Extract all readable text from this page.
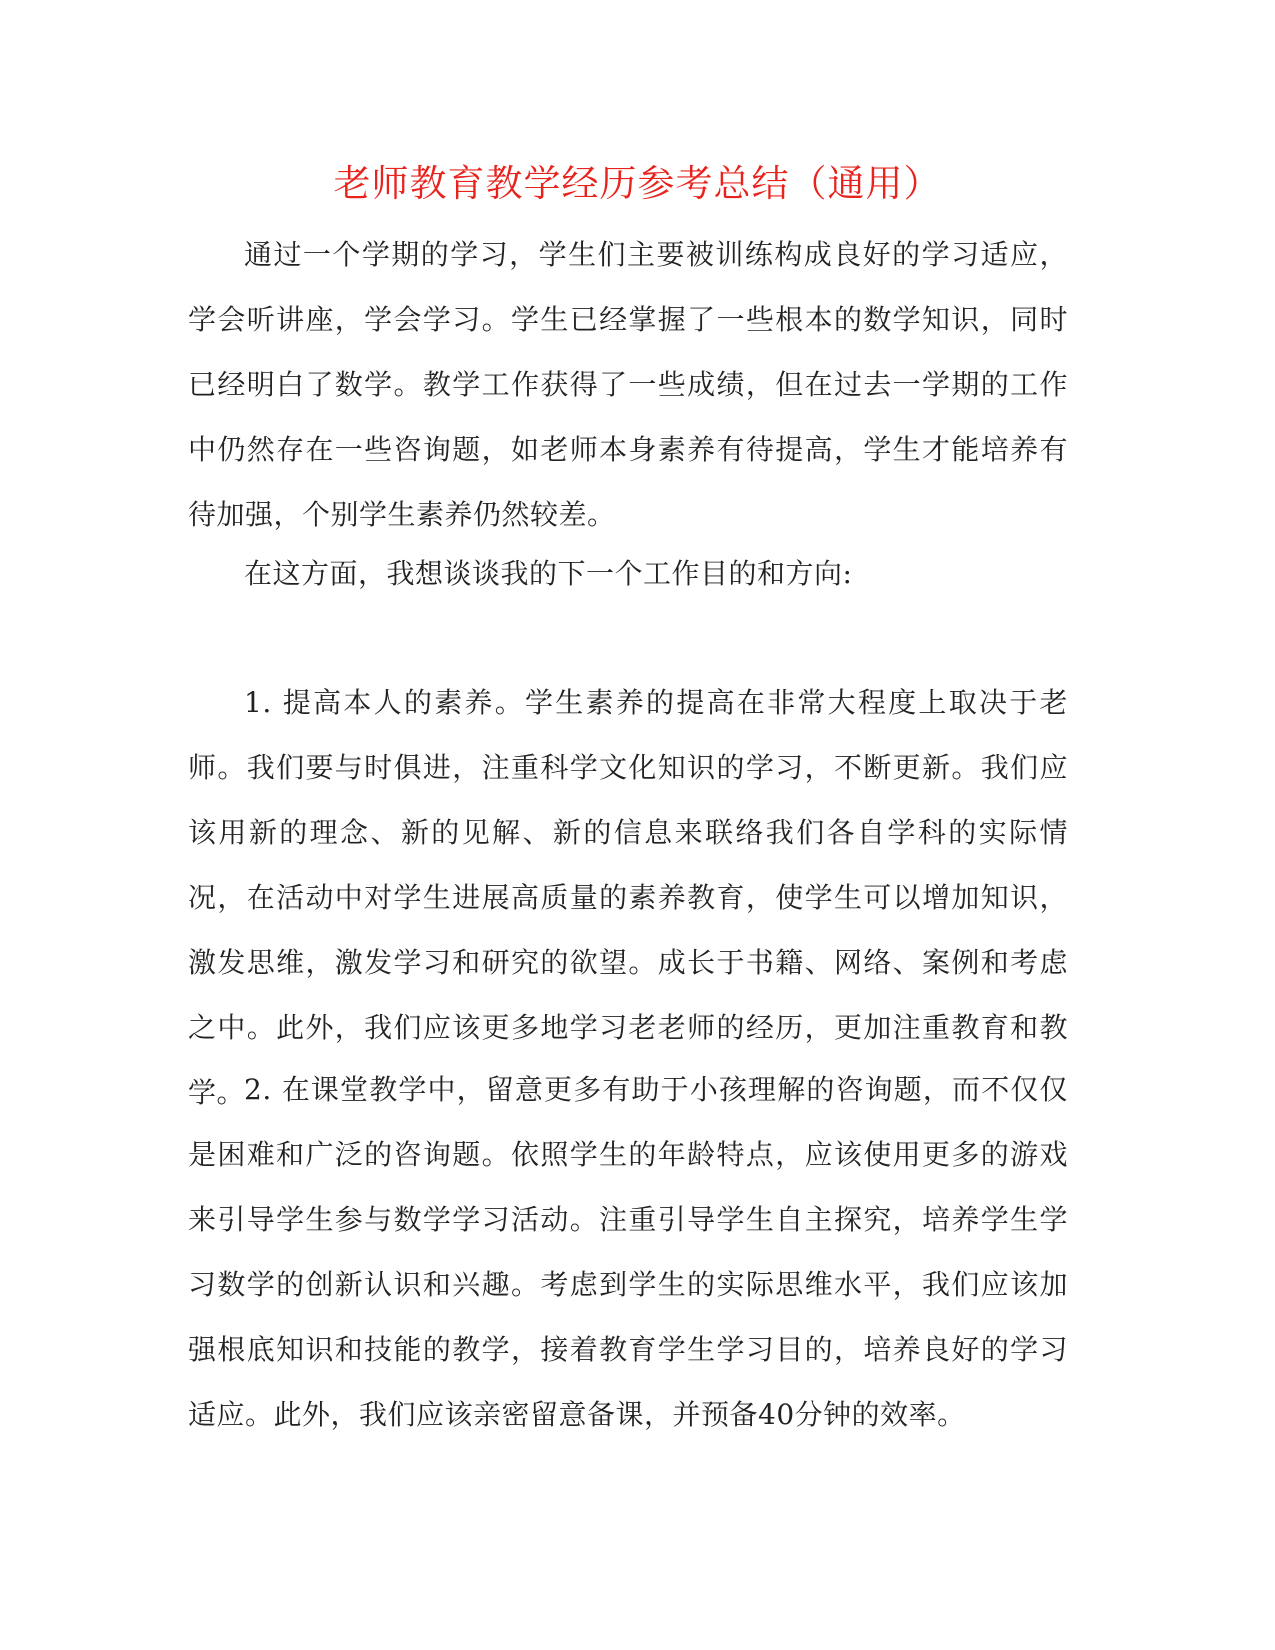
老师教育教学经历参考总结（通用）

通过一个学期的学习，学生们主要被训练构成良好的学习适应，学会听讲座，学会学习。学生已经掌握了一些根本的数学知识，同时已经明白了数学。教学工作获得了一些成绩，但在过去一学期的工作中仍然存在一些咨询题，如老师本身素养有待提高，学生才能培养有待加强，个别学生素养仍然较差。

在这方面，我想谈谈我的下一个工作目的和方向:

1. 提高本人的素养。学生素养的提高在非常大程度上取决于老师。我们要与时俱进，注重科学文化知识的学习，不断更新。我们应该用新的理念、新的见解、新的信息来联络我们各自学科的实际情况，在活动中对学生进展高质量的素养教育，使学生可以增加知识，激发思维，激发学习和研究的欲望。成长于书籍、网络、案例和考虑之中。此外，我们应该更多地学习老老师的经历，更加注重教育和教学。

2. 在课堂教学中，留意更多有助于小孩理解的咨询题，而不仅仅是困难和广泛的咨询题。依照学生的年龄特点，应该使用更多的游戏来引导学生参与数学学习活动。注重引导学生自主探究，培养学生学习数学的创新认识和兴趣。考虑到学生的实际思维水平，我们应该加强根底知识和技能的教学，接着教育学生学习目的，培养良好的学习适应。此外，我们应该亲密留意备课，并预备40分钟的效率。
